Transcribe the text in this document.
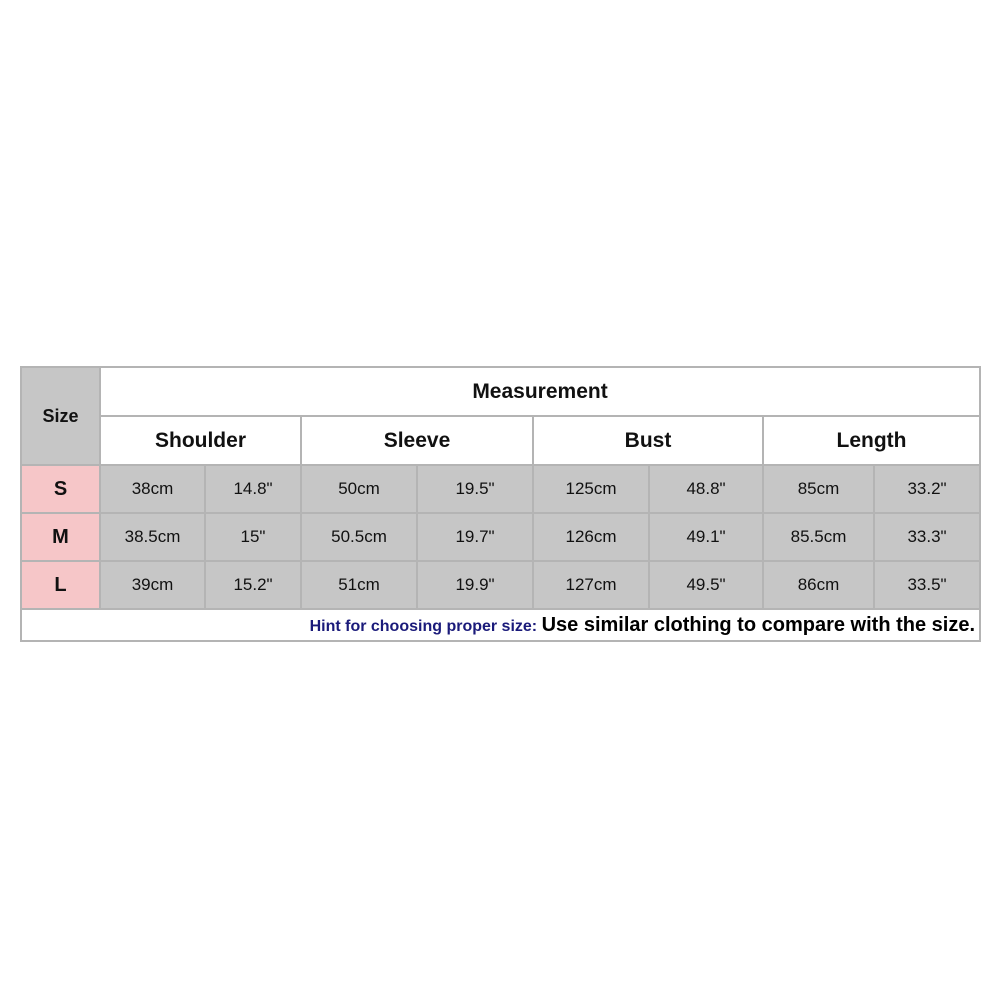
Size	Measurement							
	Shoulder		Sleeve		Bust		Length	
S	38cm	14.8"	50cm	19.5"	125cm	48.8"	85cm	33.2"
M	38.5cm	15"	50.5cm	19.7"	126cm	49.1"	85.5cm	33.3"
L	39cm	15.2"	51cm	19.9"	127cm	49.5"	86cm	33.5"
Hint for choosing proper size: Use similar clothing to compare with the size.								
